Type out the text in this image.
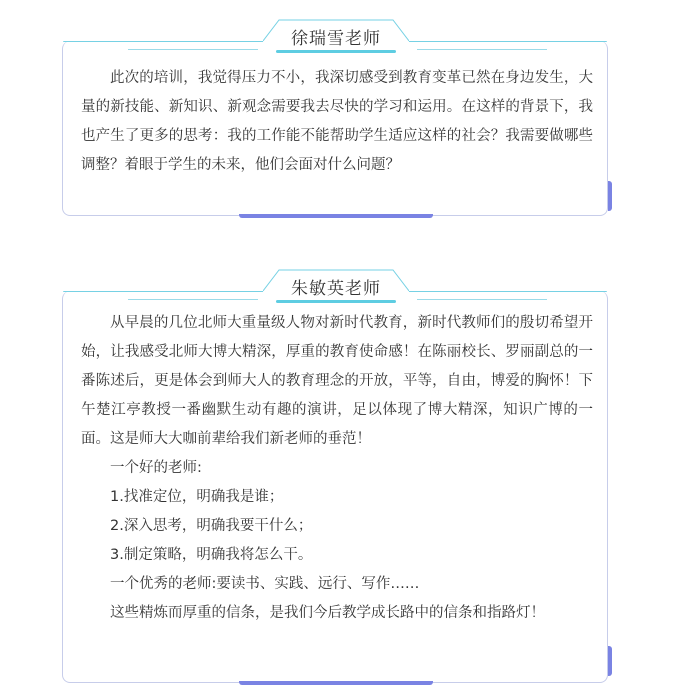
徐瑞雪老师

此次的培训，我觉得压力不小，我深切感受到教育变革已然在身边发生，大量的新技能、新知识、新观念需要我去尽快的学习和运用。在这样的背景下，我也产生了更多的思考：我的工作能不能帮助学生适应这样的社会？我需要做哪些调整？着眼于学生的未来，他们会面对什么问题？

朱敏英老师

从早晨的几位北师大重量级人物对新时代教育，新时代教师们的殷切希望开始，让我感受北师大博大精深，厚重的教育使命感！在陈丽校长、罗丽副总的一番陈述后，更是体会到师大人的教育理念的开放，平等，自由，博爱的胸怀！下午楚江亭教授一番幽默生动有趣的演讲，足以体现了博大精深，知识广博的一面。这是师大大咖前辈给我们新老师的垂范！

一个好的老师:

1.找准定位，明确我是谁；

2.深入思考，明确我要干什么；

3.制定策略，明确我将怎么干。

一个优秀的老师:要读书、实践、远行、写作……

这些精炼而厚重的信条，是我们今后教学成长路中的信条和指路灯！
